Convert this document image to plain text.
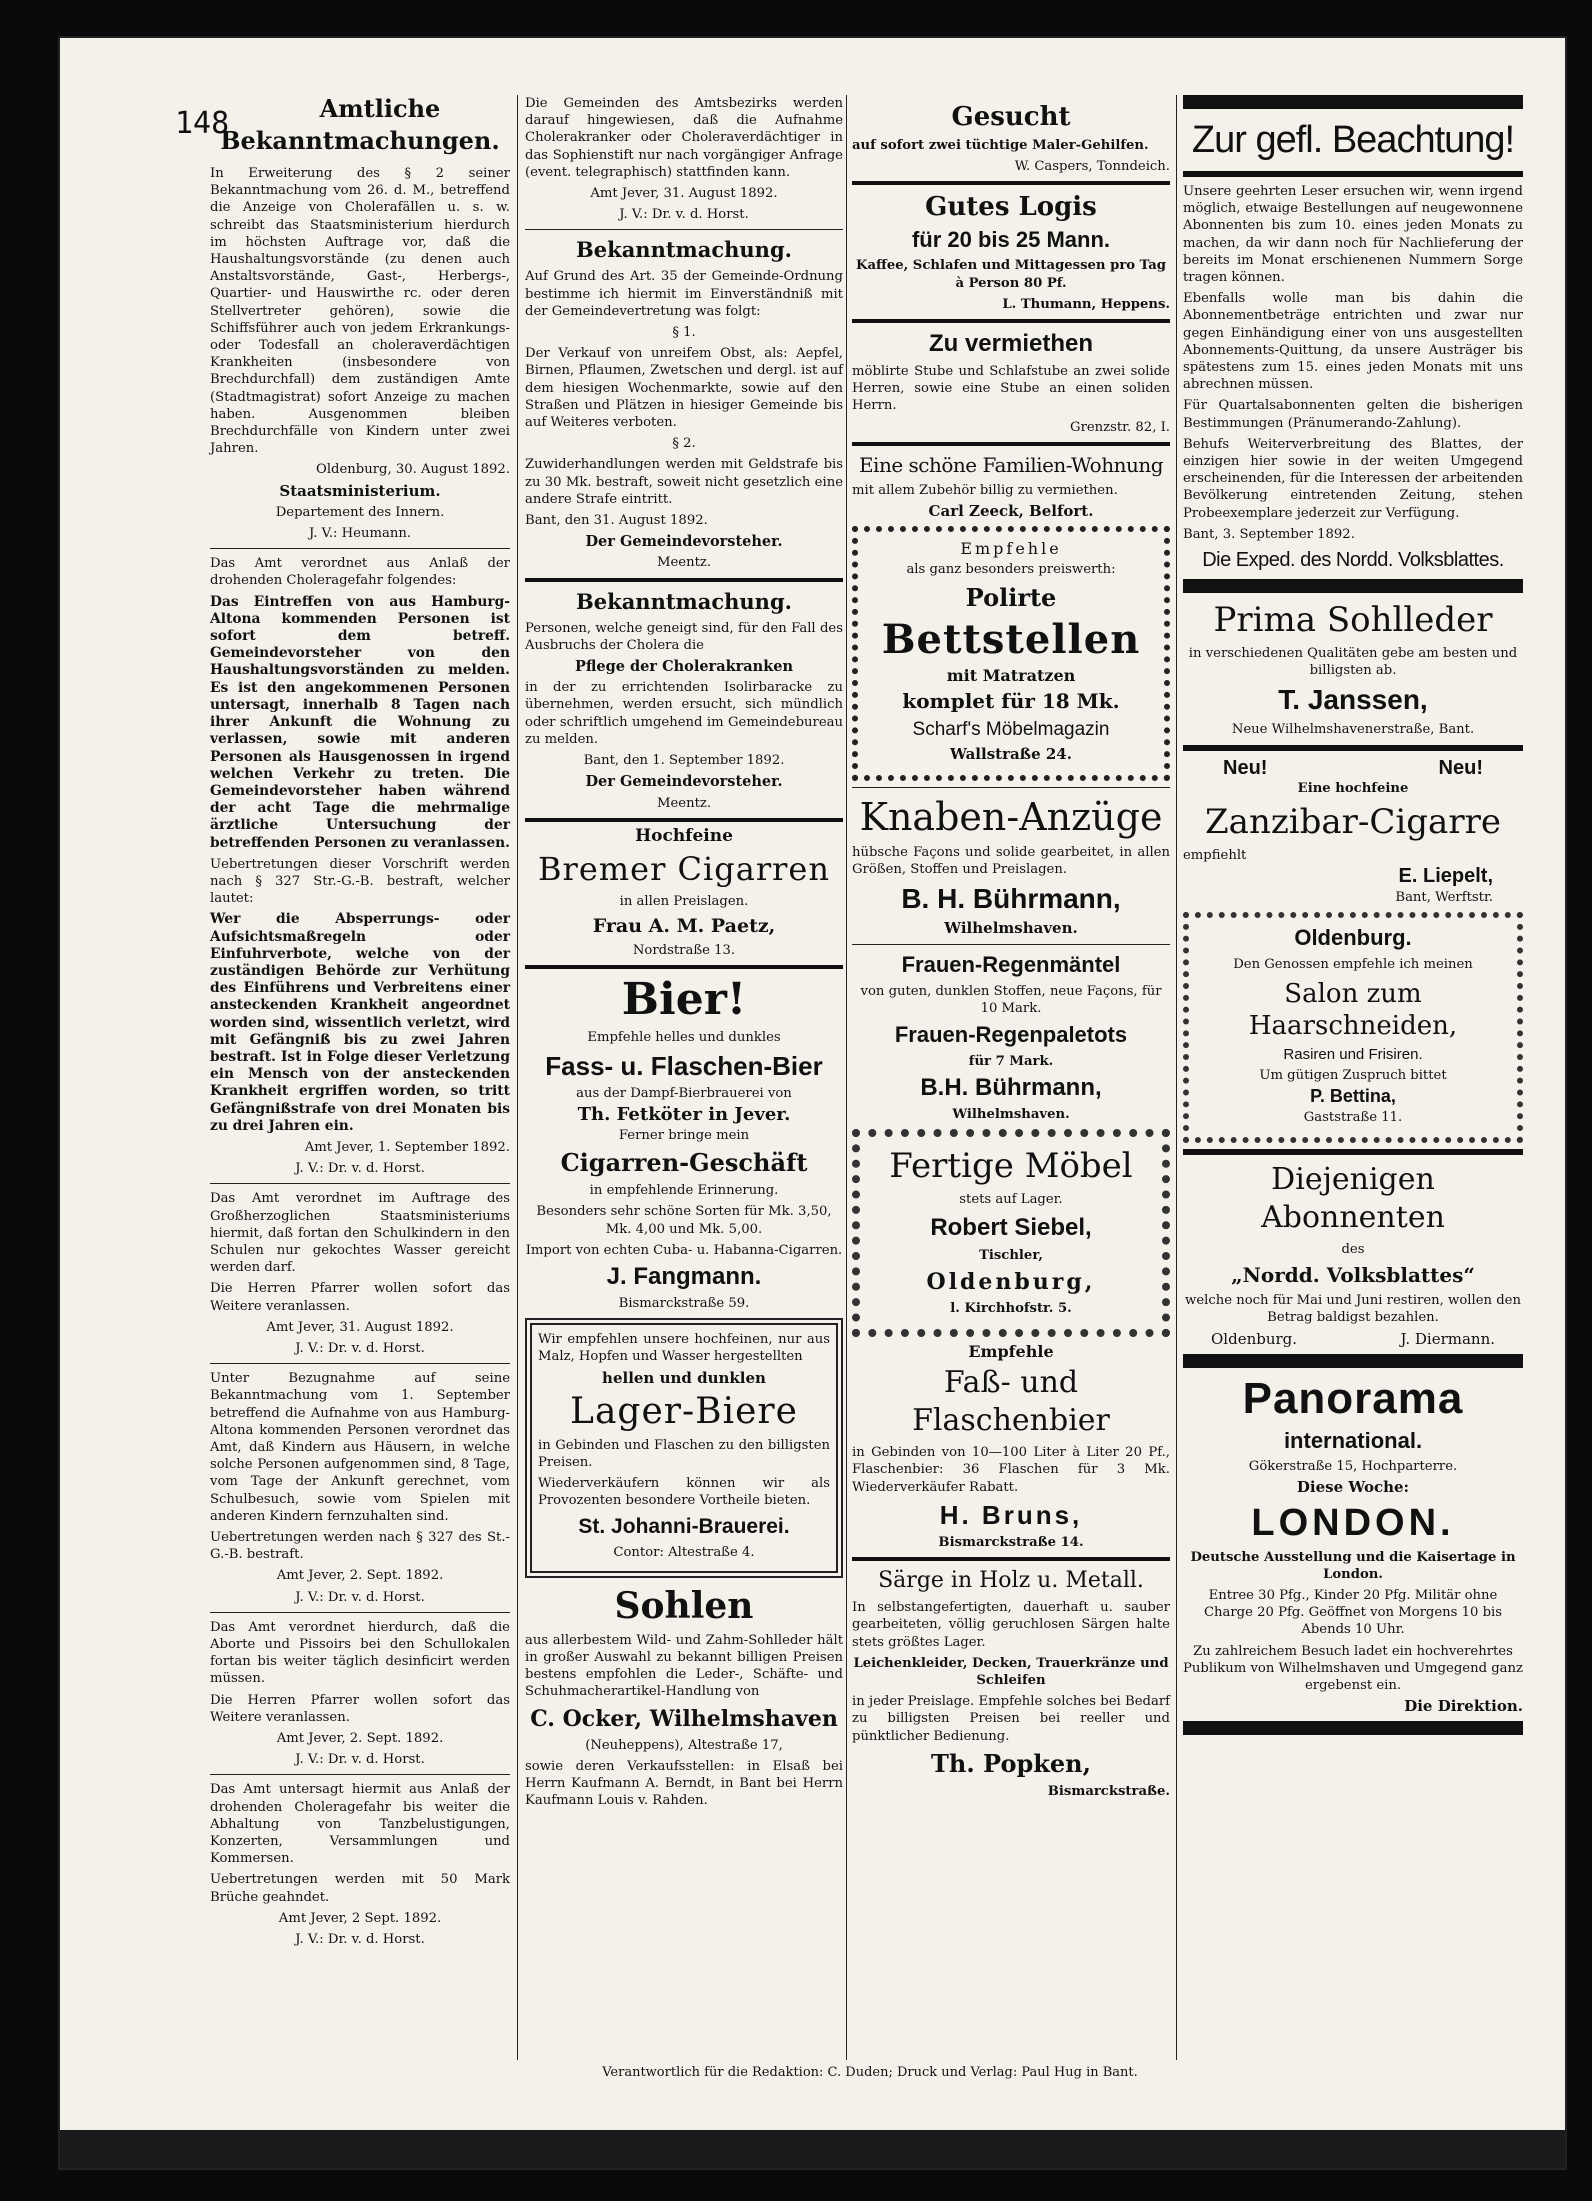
148	Amtliche

Bekanntmachungen.

In Erweiterung des § 2 seiner Bekanntmachung vom 26. d. M., betreffend die Anzeige von Cholerafällen u. s. w. schreibt das Staatsministerium hierdurch im höchsten Auftrage vor, daß die Haushaltungsvorstände (zu denen auch Anstaltsvorstände, Gast-, Herbergs-, Quartier- und Hauswirthe rc. oder deren Stellvertreter gehören), sowie die Schiffsführer auch von jedem Erkrankungs- oder Todesfall an choleraverdächtigen Krankheiten (insbesondere von Brechdurchfall) dem zuständigen Amte (Stadtmagistrat) sofort Anzeige zu machen haben. Ausgenommen bleiben Brechdurchfälle von Kindern unter zwei Jahren.

Oldenburg, 30. August 1892.

Staatsministerium.

Departement des Innern.

J. V.: Heumann.

Das Amt verordnet aus Anlaß der drohenden Choleragefahr folgendes:

Das Eintreffen von aus Hamburg-Altona kommenden Personen ist sofort dem betreff. Gemeindevorsteher von den Haushaltungsvorständen zu melden. Es ist den angekommenen Personen untersagt, innerhalb 8 Tagen nach ihrer Ankunft die Wohnung zu verlassen, sowie mit anderen Personen als Hausgenossen in irgend welchen Verkehr zu treten. Die Gemeindevorsteher haben während der acht Tage die mehrmalige ärztliche Untersuchung der betreffenden Personen zu veranlassen.

Uebertretungen dieser Vorschrift werden nach § 327 Str.-G.-B. bestraft, welcher lautet:

Wer die Absperrungs- oder Aufsichtsmaßregeln oder Einfuhrverbote, welche von der zuständigen Behörde zur Verhütung des Einführens und Verbreitens einer ansteckenden Krankheit angeordnet worden sind, wissentlich verletzt, wird mit Gefängniß bis zu zwei Jahren bestraft. Ist in Folge dieser Verletzung ein Mensch von der ansteckenden Krankheit ergriffen worden, so tritt Gefängnißstrafe von drei Monaten bis zu drei Jahren ein.

Amt Jever, 1. September 1892.

J. V.: Dr. v. d. Horst.

Das Amt verordnet im Auftrage des Großherzoglichen Staatsministeriums hiermit, daß fortan den Schulkindern in den Schulen nur gekochtes Wasser gereicht werden darf.

Die Herren Pfarrer wollen sofort das Weitere veranlassen.

Amt Jever, 31. August 1892.

J. V.: Dr. v. d. Horst.

Unter Bezugnahme auf seine Bekanntmachung vom 1. September betreffend die Aufnahme von aus Hamburg-Altona kommenden Personen verordnet das Amt, daß Kindern aus Häusern, in welche solche Personen aufgenommen sind, 8 Tage, vom Tage der Ankunft gerechnet, vom Schulbesuch, sowie vom Spielen mit anderen Kindern fernzuhalten sind.

Uebertretungen werden nach § 327 des St.-G.-B. bestraft.

Amt Jever, 2. Sept. 1892.

J. V.: Dr. v. d. Horst.

Das Amt verordnet hierdurch, daß die Aborte und Pissoirs bei den Schullokalen fortan bis weiter täglich desinficirt werden müssen.

Die Herren Pfarrer wollen sofort das Weitere veranlassen.

Amt Jever, 2. Sept. 1892.

J. V.: Dr. v. d. Horst.

Das Amt untersagt hiermit aus Anlaß der drohenden Choleragefahr bis weiter die Abhaltung von Tanzbelustigungen, Konzerten, Versammlungen und Kommersen.

Uebertretungen werden mit 50 Mark Brüche geahndet.

Amt Jever, 2 Sept. 1892.

J. V.: Dr. v. d. Horst.

Die Gemeinden des Amtsbezirks werden darauf hingewiesen, daß die Aufnahme Cholerakranker oder Choleraverdächtiger in das Sophienstift nur nach vorgängiger Anfrage (event. telegraphisch) stattfinden kann.

Amt Jever, 31. August 1892.

J. V.: Dr. v. d. Horst.

Bekanntmachung.

Auf Grund des Art. 35 der Gemeinde-Ordnung bestimme ich hiermit im Einverständniß mit der Gemeindevertretung was folgt:

§ 1.

Der Verkauf von unreifem Obst, als: Aepfel, Birnen, Pflaumen, Zwetschen und dergl. ist auf dem hiesigen Wochenmarkte, sowie auf den Straßen und Plätzen in hiesiger Gemeinde bis auf Weiteres verboten.

§ 2.

Zuwiderhandlungen werden mit Geldstrafe bis zu 30 Mk. bestraft, soweit nicht gesetzlich eine andere Strafe eintritt.

Bant, den 31. August 1892.

Der Gemeindevorsteher.

Meentz.

Bekanntmachung.

Personen, welche geneigt sind, für den Fall des Ausbruchs der Cholera die

Pflege der Cholerakranken

in der zu errichtenden Isolirbaracke zu übernehmen, werden ersucht, sich mündlich oder schriftlich umgehend im Gemeindebureau zu melden.

Bant, den 1. September 1892.

Der Gemeindevorsteher.

Meentz.

Hochfeine

Bremer Cigarren

in allen Preislagen.

Frau A. M. Paetz,

Nordstraße 13.

Bier!

Empfehle helles und dunkles

Fass- u. Flaschen-Bier

aus der Dampf-Bierbrauerei von

Th. Fetköter in Jever.

Ferner bringe mein

Cigarren-Geschäft

in empfehlende Erinnerung.

Besonders sehr schöne Sorten für Mk. 3,50, Mk. 4,00 und Mk. 5,00.

Import von echten Cuba- u. Habanna-Cigarren.

J. Fangmann.

Bismarckstraße 59.

Wir empfehlen unsere hochfeinen, nur aus Malz, Hopfen und Wasser hergestellten

hellen und dunklen

Lager-Biere

in Gebinden und Flaschen zu den billigsten Preisen.

Wiederverkäufern können wir als Provozenten besondere Vortheile bieten.

St. Johanni-Brauerei.

Contor: Altestraße 4.

Sohlen

aus allerbestem Wild- und Zahm-Sohlleder hält in großer Auswahl zu bekannt billigen Preisen bestens empfohlen die Leder-, Schäfte- und Schuhmacherartikel-Handlung von

C. Ocker, Wilhelmshaven

(Neuheppens), Altestraße 17,

sowie deren Verkaufsstellen: in Elsaß bei Herrn Kaufmann A. Berndt, in Bant bei Herrn Kaufmann Louis v. Rahden.

Gesucht

auf sofort zwei tüchtige Maler-Gehilfen.

W. Caspers, Tonndeich.

Gutes Logis

für 20 bis 25 Mann.

Kaffee, Schlafen und Mittagessen pro Tag à Person 80 Pf.

L. Thumann, Heppens.

Zu vermiethen

möblirte Stube und Schlafstube an zwei solide Herren, sowie eine Stube an einen soliden Herrn.

Grenzstr. 82, I.

Eine schöne Familien-Wohnung

mit allem Zubehör billig zu vermiethen.

Carl Zeeck, Belfort.

Empfehle

als ganz besonders preiswerth:

Polirte

Bettstellen

mit Matratzen

komplet für 18 Mk.

Scharf's Möbelmagazin

Wallstraße 24.

Knaben-Anzüge

hübsche Façons und solide gearbeitet, in allen Größen, Stoffen und Preislagen.

B. H. Bührmann,

Wilhelmshaven.

Frauen-Regenmäntel

von guten, dunklen Stoffen, neue Façons, für 10 Mark.

Frauen-Regenpaletots

für 7 Mark.

B.H. Bührmann,

Wilhelmshaven.

Fertige Möbel

stets auf Lager.

Robert Siebel,

Tischler,

Oldenburg,

l. Kirchhofstr. 5.

Empfehle

Faß- und Flaschenbier

in Gebinden von 10—100 Liter à Liter 20 Pf., Flaschenbier: 36 Flaschen für 3 Mk. Wiederverkäufer Rabatt.

H. Bruns,

Bismarckstraße 14.

Särge in Holz u. Metall.

In selbstangefertigten, dauerhaft u. sauber gearbeiteten, völlig geruchlosen Särgen halte stets größtes Lager.

Leichenkleider, Decken, Trauerkränze und Schleifen

in jeder Preislage. Empfehle solches bei Bedarf zu billigsten Preisen bei reeller und pünktlicher Bedienung.

Th. Popken,

Bismarckstraße.

Zur gefl. Beachtung!

Unsere geehrten Leser ersuchen wir, wenn irgend möglich, etwaige Bestellungen auf neugewonnene Abonnenten bis zum 10. eines jeden Monats zu machen, da wir dann noch für Nachlieferung der bereits im Monat erschienenen Nummern Sorge tragen können.

Ebenfalls wolle man bis dahin die Abonnementbeträge entrichten und zwar nur gegen Einhändigung einer von uns ausgestellten Abonnements-Quittung, da unsere Austräger bis spätestens zum 15. eines jeden Monats mit uns abrechnen müssen.

Für Quartalsabonnenten gelten die bisherigen Bestimmungen (Pränumerando-Zahlung).

Behufs Weiterverbreitung des Blattes, der einzigen hier sowie in der weiten Umgegend erscheinenden, für die Interessen der arbeitenden Bevölkerung eintretenden Zeitung, stehen Probeexemplare jederzeit zur Verfügung.

Bant, 3. September 1892.

Die Exped. des Nordd. Volksblattes.

Prima Sohlleder

in verschiedenen Qualitäten gebe am besten und billigsten ab.

T. Janssen,

Neue Wilhelmshavenerstraße, Bant.

Neu!	Neu!

Eine hochfeine

Zanzibar-Cigarre

empfiehlt

E. Liepelt,

Bant, Werftstr.

Oldenburg.

Den Genossen empfehle ich meinen

Salon zum Haarschneiden,

Rasiren und Frisiren.

Um gütigen Zuspruch bittet

P. Bettina,

Gaststraße 11.

Diejenigen Abonnenten

des

„Nordd. Volksblattes“

welche noch für Mai und Juni restiren, wollen den Betrag baldigst bezahlen.

Oldenburg.	J. Diermann.

Panorama

international.

Gökerstraße 15, Hochparterre.

Diese Woche:

LONDON.

Deutsche Ausstellung und die Kaisertage in London.

Entree 30 Pfg., Kinder 20 Pfg. Militär ohne Charge 20 Pfg. Geöffnet von Morgens 10 bis Abends 10 Uhr.

Zu zahlreichem Besuch ladet ein hochverehrtes Publikum von Wilhelmshaven und Umgegend ganz ergebenst ein.

Die Direktion.

Verantwortlich für die Redaktion: C. Duden; Druck und Verlag: Paul Hug in Bant.
